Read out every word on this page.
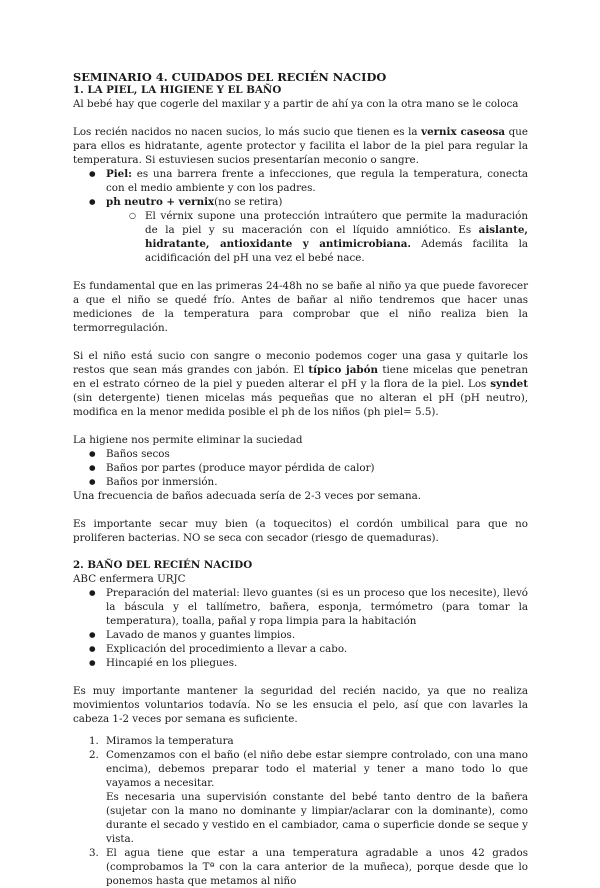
SEMINARIO 4. CUIDADOS DEL RECIÉN NACIDO
1. LA PIEL, LA HIGIENE Y EL BAÑO

Al bebé hay que cogerle del maxilar y a partir de ahí ya con la otra mano se le coloca

Los recién nacidos no nacen sucios, lo más sucio que tienen es la vernix caseosa que para ellos es hidratante, agente protector y facilita el labor de la piel para regular la temperatura. Si estuviesen sucios presentarían meconio o sangre.

● Piel: es una barrera frente a infecciones, que regula la temperatura, conecta con el medio ambiente y con los padres.
● ph neutro + vernix(no se retira)
○ El vérnix supone una protección intraútero que permite la maduración de la piel y su maceración con el líquido amniótico. Es aislante, hidratante, antioxidante y antimicrobiana. Además facilita la acidificación del pH una vez el bebé nace.

Es fundamental que en las primeras 24-48h no se bañe al niño ya que puede favorecer a que el niño se quedé frío. Antes de bañar al niño tendremos que hacer unas mediciones de la temperatura para comprobar que el niño realiza bien la termorregulación.

Si el niño está sucio con sangre o meconio podemos coger una gasa y quitarle los restos que sean más grandes con jabón. El típico jabón tiene micelas que penetran en el estrato córneo de la piel y pueden alterar el pH y la flora de la piel. Los syndet (sin detergente) tienen micelas más pequeñas que no alteran el pH (pH neutro), modifica en la menor medida posible el ph de los niños (ph piel= 5.5).

La higiene nos permite eliminar la suciedad

● Baños secos
● Baños por partes (produce mayor pérdida de calor)
● Baños por inmersión.

Una frecuencia de baños adecuada sería de 2-3 veces por semana.

Es importante secar muy bien (a toquecitos) el cordón umbilical para que no proliferen bacterias. NO se seca con secador (riesgo de quemaduras).

2. BAÑO DEL RECIÉN NACIDO

ABC enfermera URJC

● Preparación del material: llevo guantes (si es un proceso que los necesite), llevó la báscula y el tallímetro, bañera, esponja, termómetro (para tomar la temperatura), toalla, pañal y ropa limpia para la habitación
● Lavado de manos y guantes limpios.
● Explicación del procedimiento a llevar a cabo.
● Hincapié en los pliegues.

Es muy importante mantener la seguridad del recién nacido, ya que no realiza movimientos voluntarios todavía. No se les ensucia el pelo, así que con lavarles la cabeza 1-2 veces por semana es suficiente.

1. Miramos la temperatura
2. Comenzamos con el baño (el niño debe estar siempre controlado, con una mano encima), debemos preparar todo el material y tener a mano todo lo que vayamos a necesitar.

Es necesaria una supervisión constante del bebé tanto dentro de la bañera (sujetar con la mano no dominante y limpiar/aclarar con la dominante), como durante el secado y vestido en el cambiador, cama o superficie donde se seque y vista.

3. El agua tiene que estar a una temperatura agradable a unos 42 grados (comprobamos la Tª con la cara anterior de la muñeca), porque desde que lo ponemos hasta que metamos al niño
